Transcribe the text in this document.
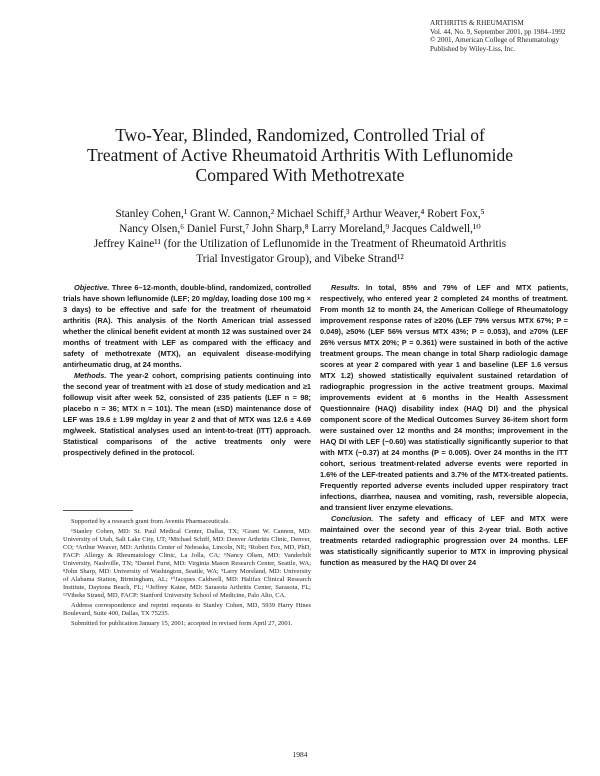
ARTHRITIS & RHEUMATISM
Vol. 44, No. 9, September 2001, pp 1984–1992
© 2001, American College of Rheumatology
Published by Wiley-Liss, Inc.
Two-Year, Blinded, Randomized, Controlled Trial of
Treatment of Active Rheumatoid Arthritis With Leflunomide
Compared With Methotrexate
Stanley Cohen,¹ Grant W. Cannon,² Michael Schiff,³ Arthur Weaver,⁴ Robert Fox,⁵
Nancy Olsen,⁶ Daniel Furst,⁷ John Sharp,⁸ Larry Moreland,⁹ Jacques Caldwell,¹⁰
Jeffrey Kaine¹¹ (for the Utilization of Leflunomide in the Treatment of Rheumatoid Arthritis
Trial Investigator Group), and Vibeke Strand¹²

Objective. Three 6–12-month, double-blind, randomized, controlled trials have shown leflunomide (LEF; 20 mg/day, loading dose 100 mg × 3 days) to be effective and safe for the treatment of rheumatoid arthritis (RA). This analysis of the North American trial assessed whether the clinical benefit evident at month 12 was sustained over 24 months of treatment with LEF as compared with the efficacy and safety of methotrexate (MTX), an equivalent disease-modifying antirheumatic drug, at 24 months.

Methods. The year-2 cohort, comprising patients continuing into the second year of treatment with ≥1 dose of study medication and ≥1 followup visit after week 52, consisted of 235 patients (LEF n = 98; placebo n = 36; MTX n = 101). The mean (±SD) maintenance dose of LEF was 19.6 ± 1.99 mg/day in year 2 and that of MTX was 12.6 ± 4.69 mg/week. Statistical analyses used an intent-to-treat (ITT) approach. Statistical comparisons of the active treatments only were prospectively defined in the protocol.

Results. In total, 85% and 79% of LEF and MTX patients, respectively, who entered year 2 completed 24 months of treatment. From month 12 to month 24, the American College of Rheumatology improvement response rates of ≥20% (LEF 79% versus MTX 67%; P = 0.049), ≥50% (LEF 56% versus MTX 43%; P = 0.053), and ≥70% (LEF 26% versus MTX 20%; P = 0.361) were sustained in both of the active treatment groups. The mean change in total Sharp radiologic damage scores at year 2 compared with year 1 and baseline (LEF 1.6 versus MTX 1.2) showed statistically equivalent sustained retardation of radiographic progression in the active treatment groups. Maximal improvements evident at 6 months in the Health Assessment Questionnaire (HAQ) disability index (HAQ DI) and the physical component score of the Medical Outcomes Survey 36-item short form were sustained over 12 months and 24 months; improvement in the HAQ DI with LEF (−0.60) was statistically significantly superior to that with MTX (−0.37) at 24 months (P = 0.005). Over 24 months in the ITT cohort, serious treatment-related adverse events were reported in 1.6% of the LEF-treated patients and 3.7% of the MTX-treated patients. Frequently reported adverse events included upper respiratory tract infections, diarrhea, nausea and vomiting, rash, reversible alopecia, and transient liver enzyme elevations.

Conclusion. The safety and efficacy of LEF and MTX were maintained over the second year of this 2-year trial. Both active treatments retarded radiographic progression over 24 months. LEF was statistically significantly superior to MTX in improving physical function as measured by the HAQ DI over 24

Supported by a research grant from Aventis Pharmaceuticals.

¹Stanley Cohen, MD: St. Paul Medical Center, Dallas, TX; ²Grant W. Cannon, MD: University of Utah, Salt Lake City, UT; ³Michael Schiff, MD: Denver Arthritis Clinic, Denver, CO; ⁴Arthur Weaver, MD: Arthritis Center of Nebraska, Lincoln, NE; ⁵Robert Fox, MD, PhD, FACP: Allergy & Rheumatology Clinic, La Jolla, CA; ⁶Nancy Olsen, MD: Vanderbilt University, Nashville, TN; ⁷Daniel Furst, MD: Virginia Mason Research Center, Seattle, WA; ⁸John Sharp, MD: University of Washington, Seattle, WA; ⁹Larry Moreland, MD: University of Alabama Station, Birmingham, AL; ¹⁰Jacques Caldwell, MD: Halifax Clinical Research Institute, Daytona Beach, FL; ¹¹Jeffrey Kaine, MD: Sarasota Arthritis Center, Sarasota, FL; ¹²Vibeke Strand, MD, FACP: Stanford University School of Medicine, Palo Alto, CA.

Address correspondence and reprint requests to Stanley Cohen, MD, 5939 Harry Hines Boulevard, Suite 400, Dallas, TX 75235.

Submitted for publication January 15, 2001; accepted in revised form April 27, 2001.

1984
